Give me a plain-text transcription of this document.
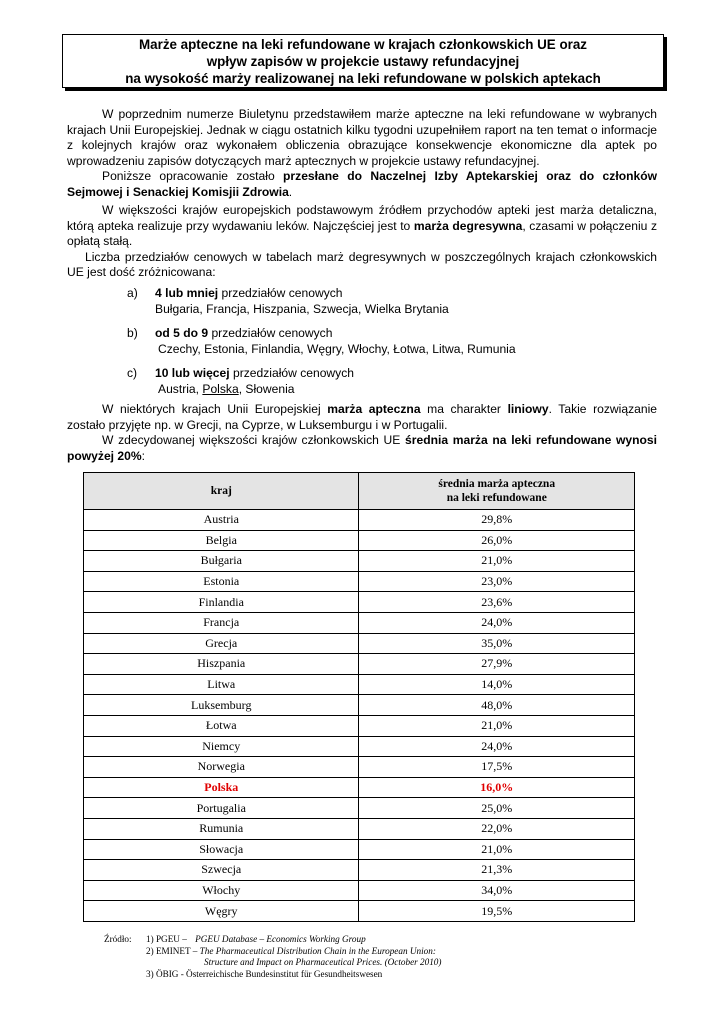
Marże apteczne na leki refundowane w krajach członkowskich UE oraz
wpływ zapisów w projekcie ustawy refundacyjnej
na wysokość marży realizowanej na leki refundowane w polskich aptekach

W poprzednim numerze Biuletynu przedstawiłem marże apteczne na leki refundowane w wybranych krajach Unii Europejskiej. Jednak w ciągu ostatnich kilku tygodni uzupełniłem raport na ten temat o informacje z kolejnych krajów oraz wykonałem obliczenia obrazujące konsekwencje ekonomiczne dla aptek po wprowadzeniu zapisów dotyczących marż aptecznych w projekcie ustawy refundacyjnej.

Poniższe opracowanie zostało przesłane do Naczelnej Izby Aptekarskiej oraz do członków Sejmowej i Senackiej Komisjii Zdrowia.

W większości krajów europejskich podstawowym źródłem przychodów apteki jest marża detaliczna, którą apteka realizuje przy wydawaniu leków. Najczęściej jest to marża degresywna, czasami w połączeniu z opłatą stałą.

Liczba przedziałów cenowych w tabelach marż degresywnych w poszczególnych krajach członkowskich UE jest dość zróżnicowana:

a) 4 lub mniej przedziałów cenowych
Bułgaria, Francja, Hiszpania, Szwecja, Wielka Brytania
b) od 5 do 9 przedziałów cenowych
Czechy, Estonia, Finlandia, Węgry, Włochy, Łotwa, Litwa, Rumunia
c) 10 lub więcej przedziałów cenowych
Austria, Polska, Słowenia

W niektórych krajach Unii Europejskiej marża apteczna ma charakter liniowy. Takie rozwiązanie zostało przyjęte np. w Grecji, na Cyprze, w Luksemburgu i w Portugalii.

W zdecydowanej większości krajów członkowskich UE średnia marża na leki refundowane wynosi powyżej 20%:

kraj	średnia marża apteczna
na leki refundowane

Austria	29,8%
Belgia	26,0%
Bułgaria	21,0%
Estonia	23,0%
Finlandia	23,6%
Francja	24,0%
Grecja	35,0%
Hiszpania	27,9%
Litwa	14,0%
Luksemburg	48,0%
Łotwa	21,0%
Niemcy	24,0%
Norwegia	17,5%
Polska	16,0%
Portugalia	25,0%
Rumunia	22,0%
Słowacja	21,0%
Szwecja	21,3%
Włochy	34,0%
Węgry	19,5%
Źródło: 1) PGEU – PGEU Database – Economics Working Group
2) EMINET – The Pharmaceutical Distribution Chain in the European Union:
Structure and Impact on Pharmaceutical Prices. (October 2010)
3) ÖBIG - Österreichische Bundesinstitut für Gesundheitswesen
